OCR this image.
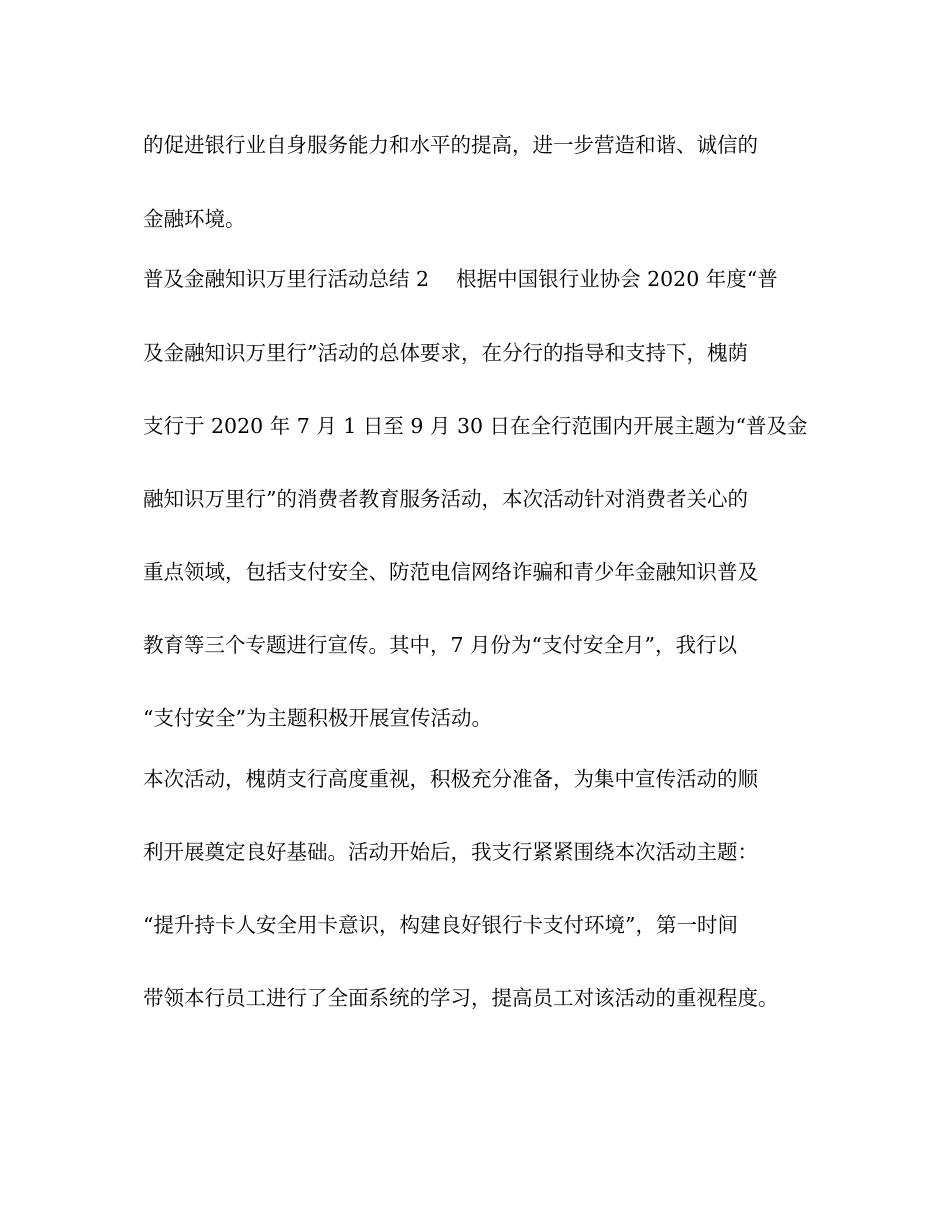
的促进银行业自身服务能力和水平的提高，进一步营造和谐、诚信的
金融环境。
普及金融知识万里行活动总结 2　 根据中国银行业协会 2020 年度“普
及金融知识万里行”活动的总体要求，在分行的指导和支持下，槐荫
支行于 2020 年 7 月 1 日至 9 月 30 日在全行范围内开展主题为“普及金
融知识万里行”的消费者教育服务活动，本次活动针对消费者关心的
重点领域，包括支付安全、防范电信网络诈骗和青少年金融知识普及
教育等三个专题进行宣传。其中，7 月份为“支付安全月”，我行以
“支付安全”为主题积极开展宣传活动。
本次活动，槐荫支行高度重视，积极充分准备，为集中宣传活动的顺
利开展奠定良好基础。活动开始后，我支行紧紧围绕本次活动主题：
“提升持卡人安全用卡意识，构建良好银行卡支付环境”，第一时间
带领本行员工进行了全面系统的学习，提高员工对该活动的重视程度。
